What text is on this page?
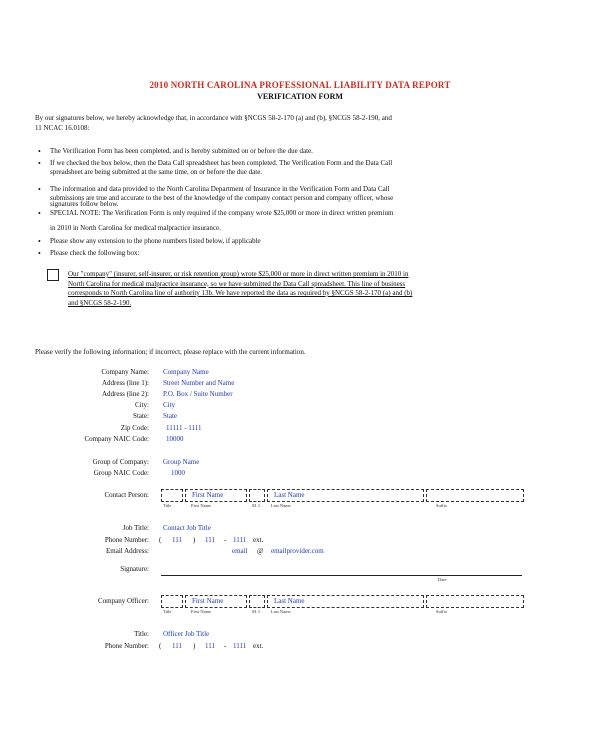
2010 NORTH CAROLINA PROFESSIONAL LIABILITY DATA REPORT
VERIFICATION FORM
By our signatures below, we hereby acknowledge that, in accordance with §NCGS 58-2-170 (a) and (b), §NCGS 58-2-190, and
11 NCAC 16.0108:
• The Verification Form has been completed, and is hereby submitted on or before the due date.
• If we checked the box below, then the Data Call spreadsheet has been completed. The Verification Form and the Data Call
spreadsheet are being submitted at the same time, on or before the due date.
• The information and data provided to the North Carolina Department of Insurance in the Verification Form and Data Call
submissions are true and accurate to the best of the knowledge of the company contact person and company officer, whose
signatures follow below.
• SPECIAL NOTE: The Verification Form is only required if the company wrote $25,000 or more in direct written premium
in 2010 in North Carolina for medical malpractice insurance.
• Please show any extension to the phone numbers listed below, if applicable
• Please check the following box:
Our "company" (insurer, self-insurer, or risk retention group) wrote $25,000 or more in direct written premium in 2010 in
North Carolina for medical malpractice insurance, so we have submitted the Data Call spreadsheet. This line of business
corresponds to North Carolina line of authority 13b. We have reported the data as required by §NCGS 58-2-170 (a) and (b)
and §NCGS 58-2-190.
Please verify the following information; if incorrect, please replace with the current information.
Company Name: Company Name
Address (line 1): Street Number and Name
Address (line 2): P.O. Box / Suite Number
City: City
State: State
Zip Code: 11111 - 1111
Company NAIC Code: 10000
Group of Company: Group Name
Group NAIC Code:	1000
Contact Person:	First Name	Last Name
Title	First Name	M. I. Last Name	Suffix
Job Title: Contact Job Title
Phone Number: ( 111 ) 111 - 1111 ext.
Email Address:	email @ emailprovider.com
Signature:
Date
Company Officer:	First Name	Last Name
Title	First Name	M. I. Last Name	Suffix
Title: Officer Job Title
Phone Number: ( 111 ) 111 - 1111 ext.
